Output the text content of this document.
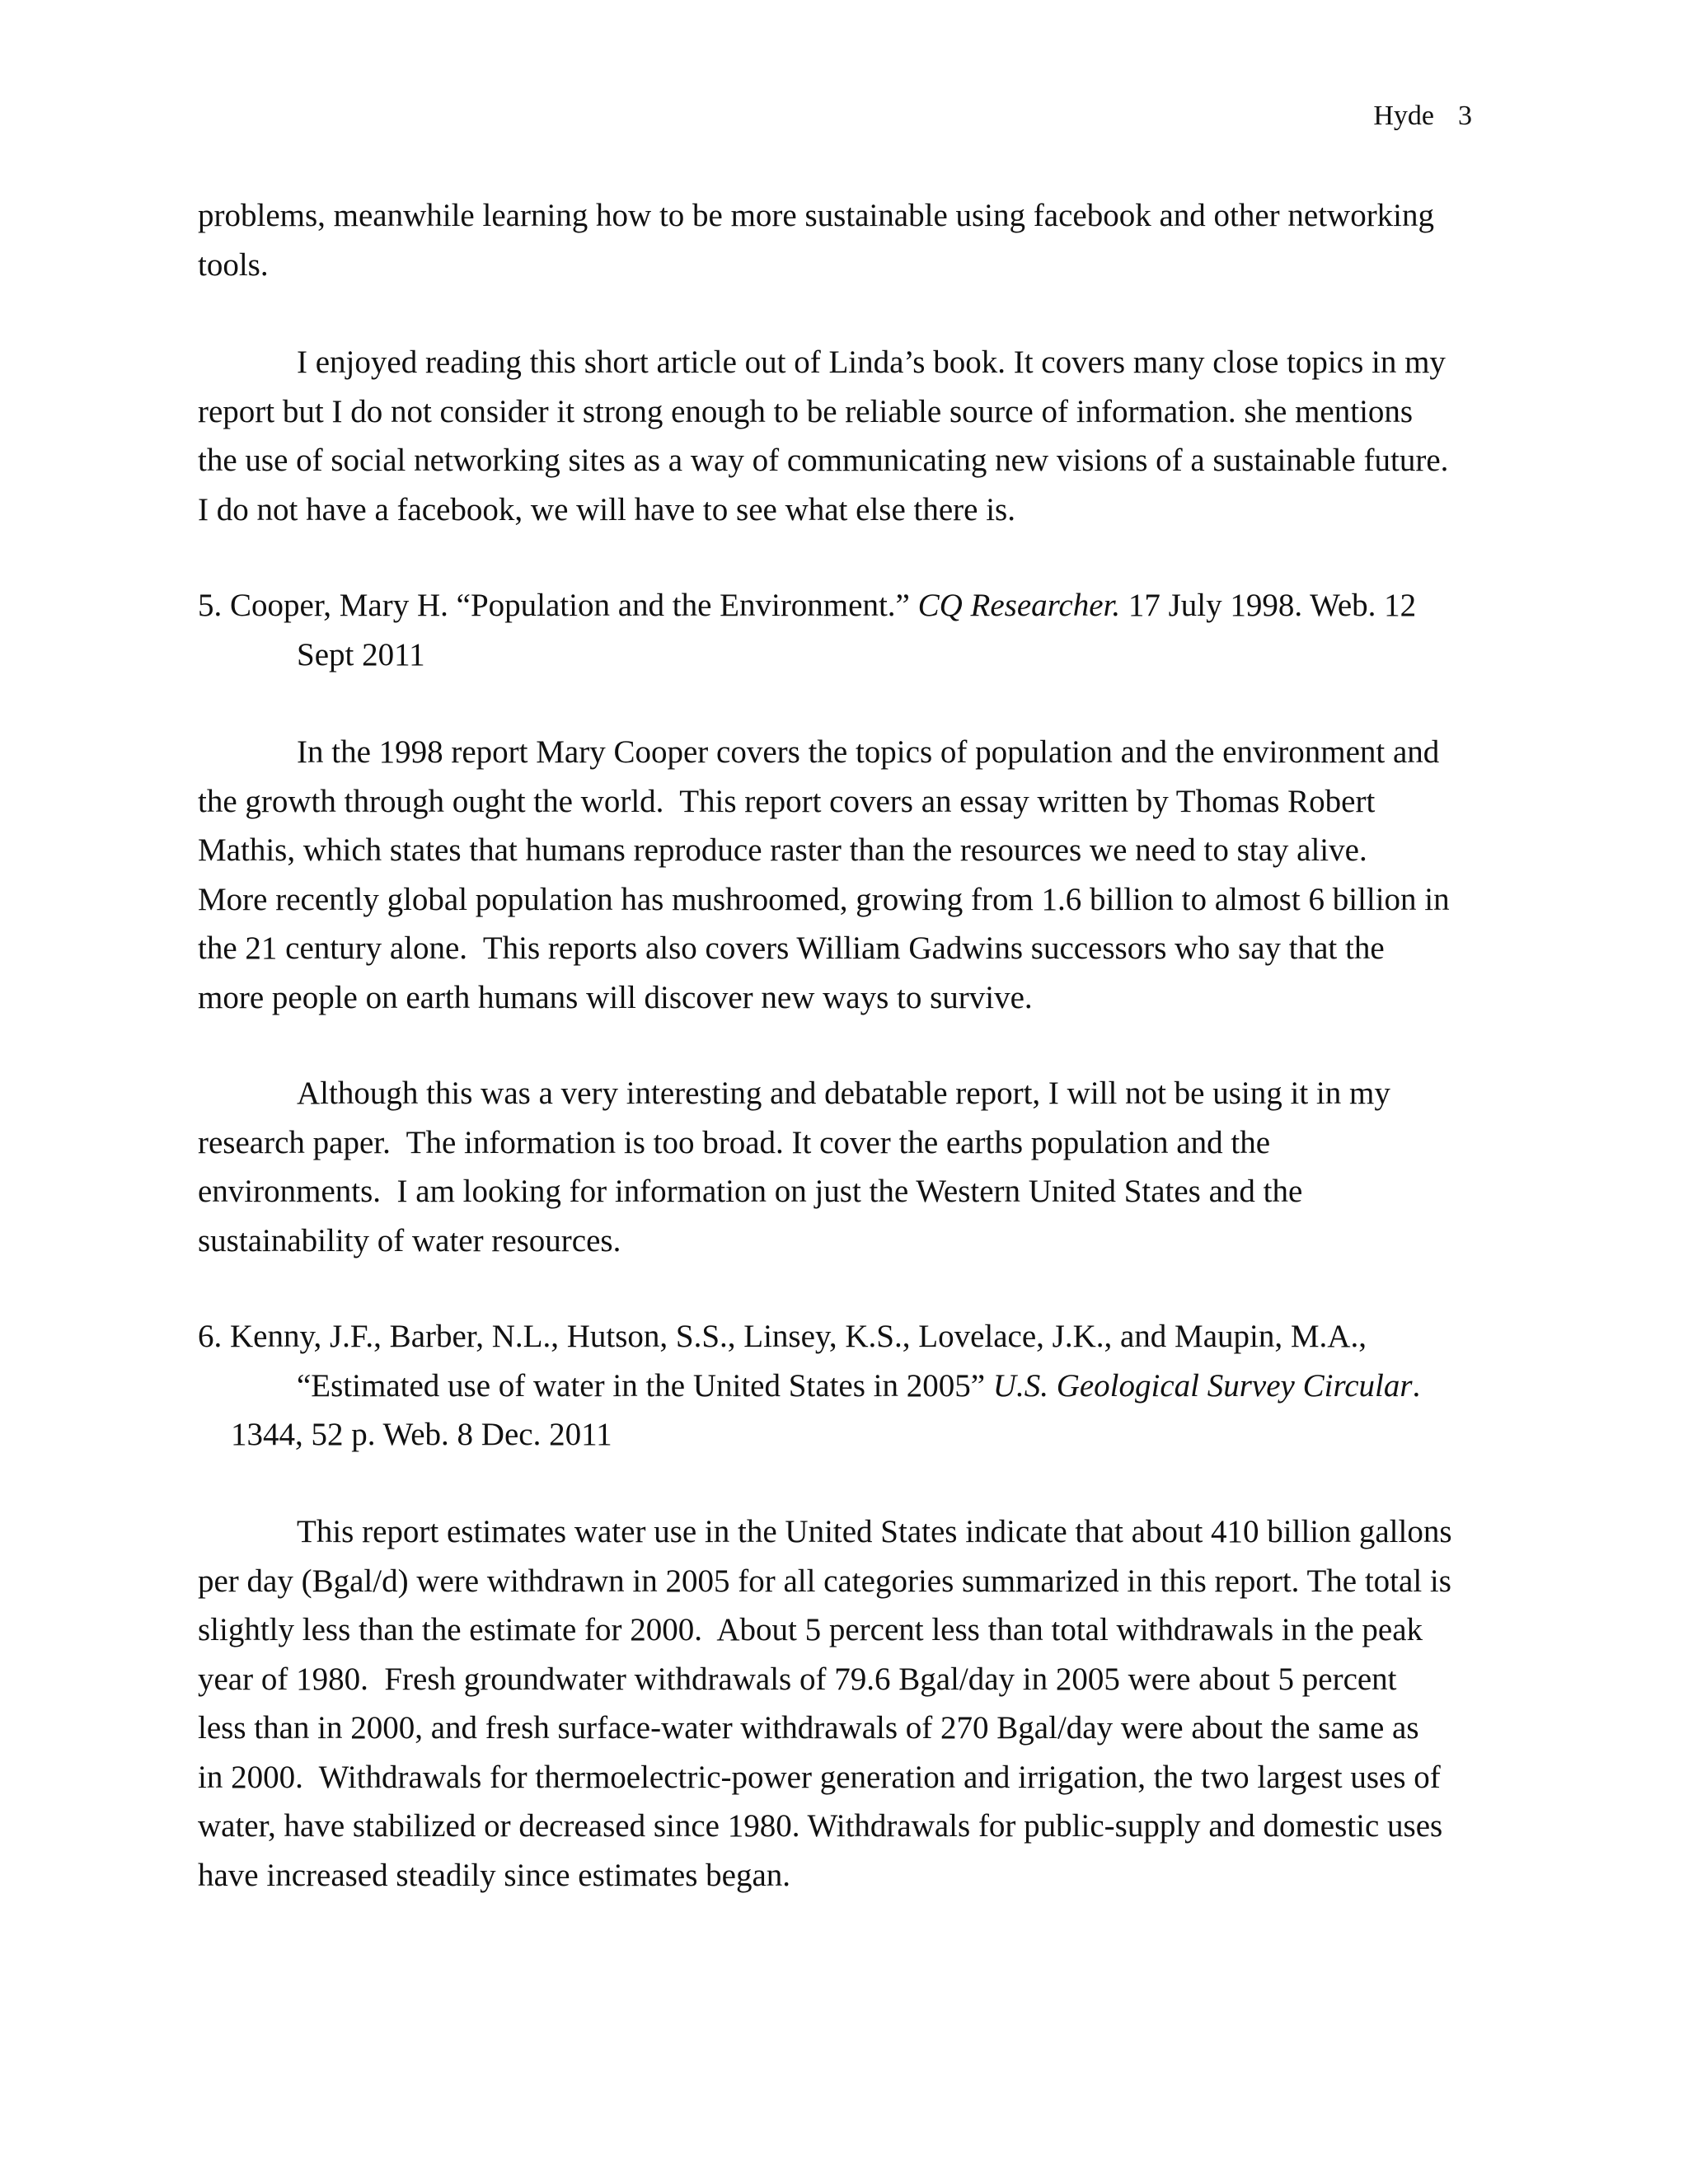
Hyde  3
problems, meanwhile learning how to be more sustainable using facebook and other networking
tools.
I enjoyed reading this short article out of Linda’s book. It covers many close topics in my
report but I do not consider it strong enough to be reliable source of information. she mentions
the use of social networking sites as a way of communicating new visions of a sustainable future.
I do not have a facebook, we will have to see what else there is.
5. Cooper, Mary H. “Population and the Environment.” CQ Researcher. 17 July 1998. Web. 12
Sept 2011
In the 1998 report Mary Cooper covers the topics of population and the environment and
the growth through ought the world.  This report covers an essay written by Thomas Robert
Mathis, which states that humans reproduce raster than the resources we need to stay alive.
More recently global population has mushroomed, growing from 1.6 billion to almost 6 billion in
the 21 century alone.  This reports also covers William Gadwins successors who say that the
more people on earth humans will discover new ways to survive.
Although this was a very interesting and debatable report, I will not be using it in my
research paper.  The information is too broad. It cover the earths population and the
environments.  I am looking for information on just the Western United States and the
sustainability of water resources.
6. Kenny, J.F., Barber, N.L., Hutson, S.S., Linsey, K.S., Lovelace, J.K., and Maupin, M.A.,
“Estimated use of water in the United States in 2005” U.S. Geological Survey Circular.
1344, 52 p. Web. 8 Dec. 2011
This report estimates water use in the United States indicate that about 410 billion gallons
per day (Bgal/d) were withdrawn in 2005 for all categories summarized in this report. The total is
slightly less than the estimate for 2000.  About 5 percent less than total withdrawals in the peak
year of 1980.  Fresh groundwater withdrawals of 79.6 Bgal/day in 2005 were about 5 percent
less than in 2000, and fresh surface-water withdrawals of 270 Bgal/day were about the same as
in 2000.  Withdrawals for thermoelectric-power generation and irrigation, the two largest uses of
water, have stabilized or decreased since 1980. Withdrawals for public-supply and domestic uses
have increased steadily since estimates began.
